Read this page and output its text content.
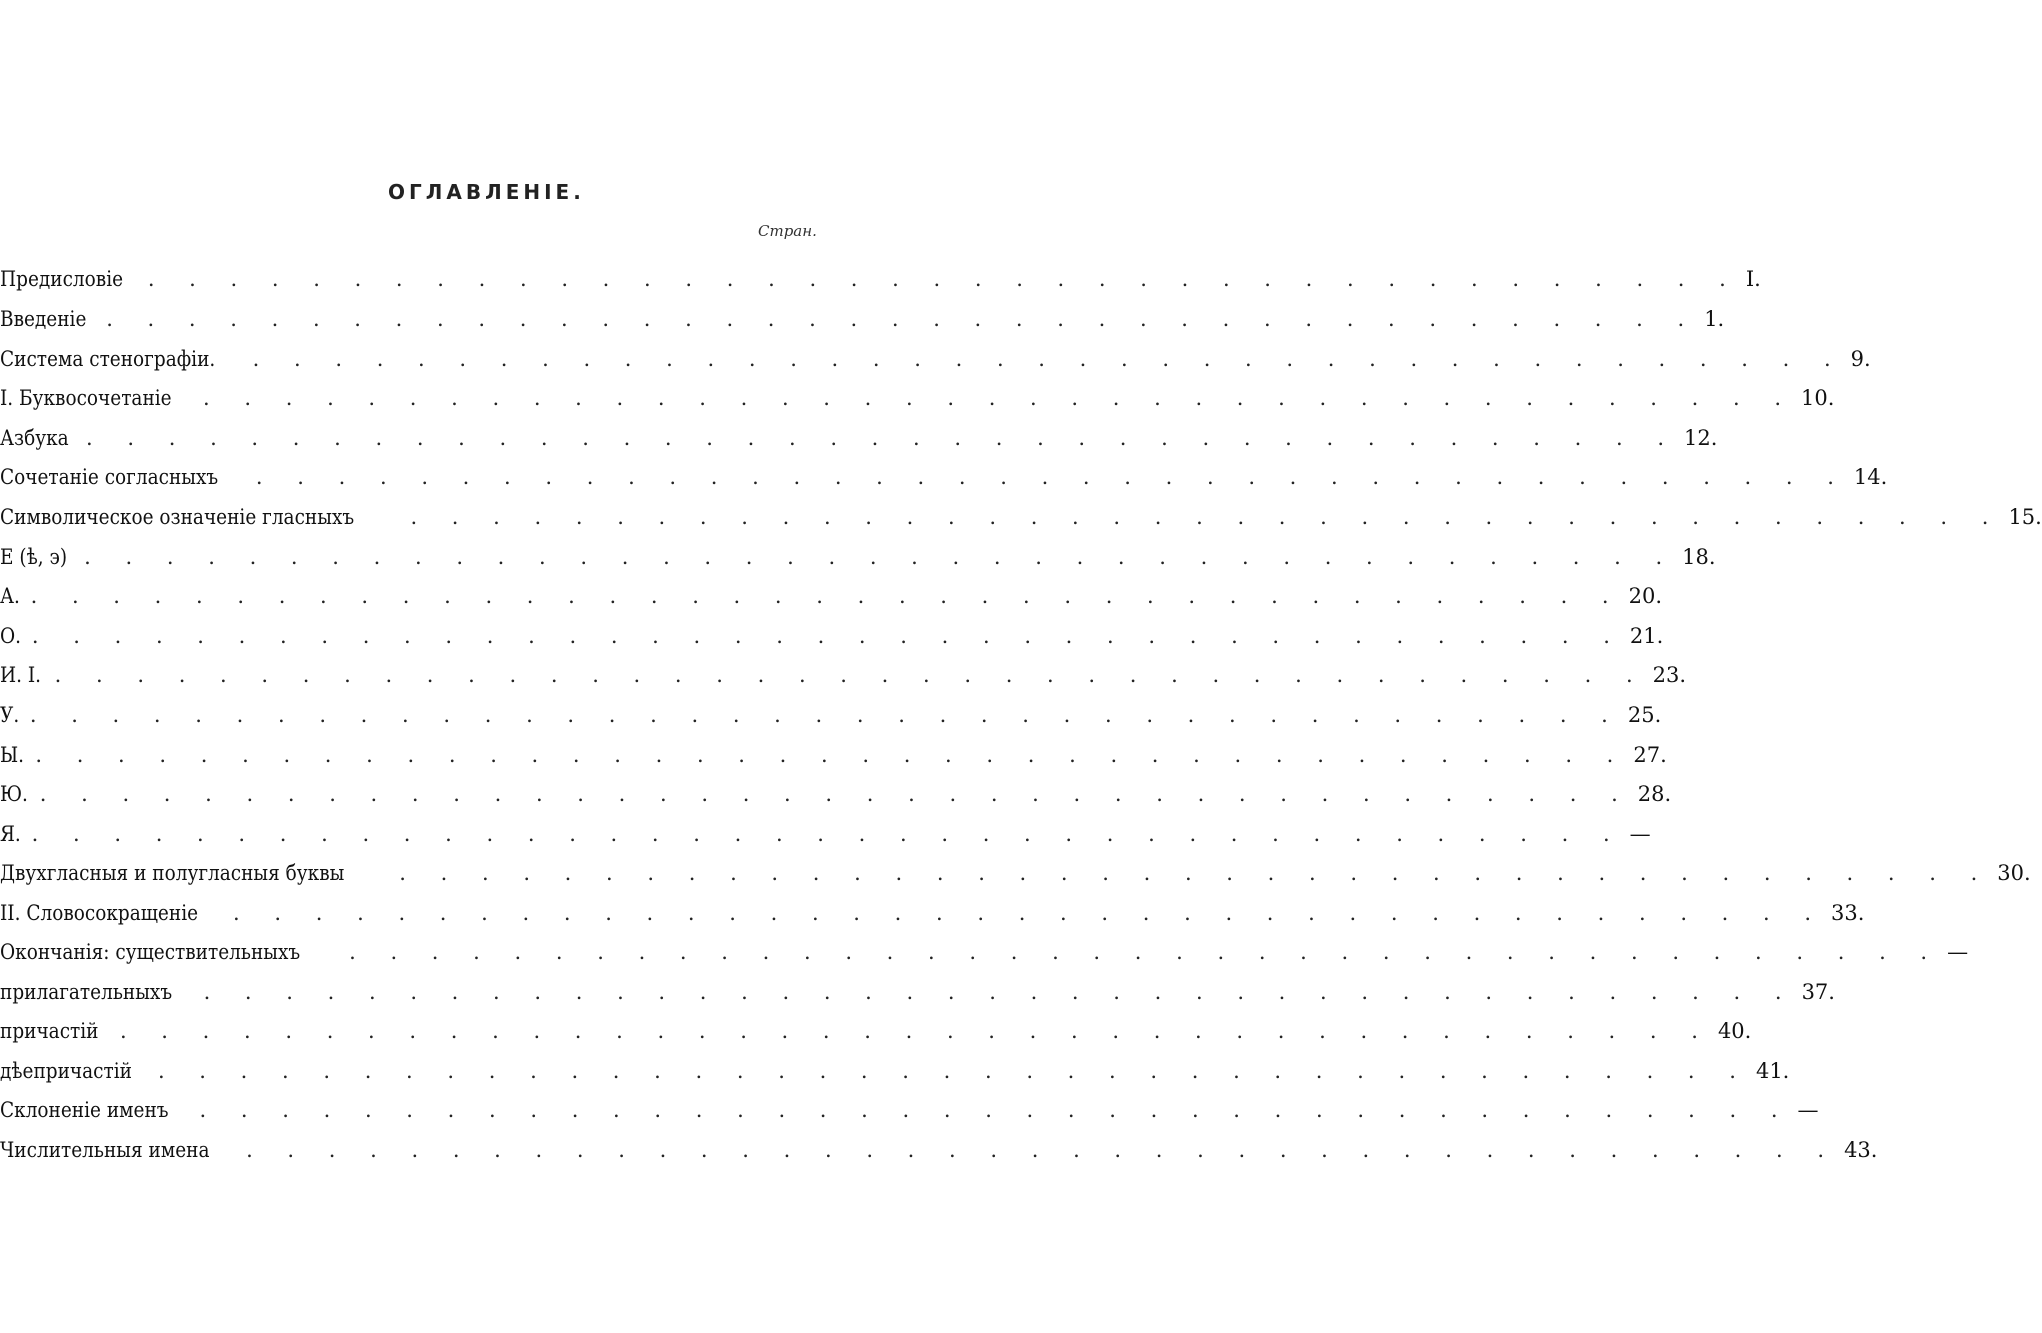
ОГЛАВЛЕНIЕ.
Стран.
Предисловіе . . . . . . . . . . . . . . . . . . . . . . . . . . . . . . . . . . . . . . . I.
Введеніе . . . . . . . . . . . . . . . . . . . . . . . . . . . . . . . . . . . . . . . 1.
Система стенографіи. . . . . . . . . . . . . . . . . . . . . . . . . . . . . . . . . . . . . . . . 9.
I. Буквосочетаніе . . . . . . . . . . . . . . . . . . . . . . . . . . . . . . . . . . . . . . . 10.
Азбука . . . . . . . . . . . . . . . . . . . . . . . . . . . . . . . . . . . . . . . 12.
Сочетаніе согласныхъ . . . . . . . . . . . . . . . . . . . . . . . . . . . . . . . . . . . . . . . 14.
Символическое означеніе гласныхъ	. . . . . . . . . . . . . . . . . . . . . . . . . . . . . . . . . . . . . . . 15.
Е (ѣ, э) . . . . . . . . . . . . . . . . . . . . . . . . . . . . . . . . . . . . . . . 18.
А. . . . . . . . . . . . . . . . . . . . . . . . . . . . . . . . . . . . . . . . 20.
О. . . . . . . . . . . . . . . . . . . . . . . . . . . . . . . . . . . . . . . . 21.
И. I. . . . . . . . . . . . . . . . . . . . . . . . . . . . . . . . . . . . . . . . 23.
У. . . . . . . . . . . . . . . . . . . . . . . . . . . . . . . . . . . . . . . . 25.
Ы. . . . . . . . . . . . . . . . . . . . . . . . . . . . . . . . . . . . . . . . 27.
Ю. . . . . . . . . . . . . . . . . . . . . . . . . . . . . . . . . . . . . . . . 28.
Я. . . . . . . . . . . . . . . . . . . . . . . . . . . . . . . . . . . . . . . . —
Двухгласныя и полугласныя буквы	. . . . . . . . . . . . . . . . . . . . . . . . . . . . . . . . . . . . . . . 30.
II. Словосокращеніе . . . . . . . . . . . . . . . . . . . . . . . . . . . . . . . . . . . . . . . 33.
Окончанія: существительныхъ . . . . . . . . . . . . . . . . . . . . . . . . . . . . . . . . . . . . . . . —
прилагательныхъ . . . . . . . . . . . . . . . . . . . . . . . . . . . . . . . . . . . . . . . 37.
причастій . . . . . . . . . . . . . . . . . . . . . . . . . . . . . . . . . . . . . . . 40.
дѣепричастій . . . . . . . . . . . . . . . . . . . . . . . . . . . . . . . . . . . . . . . 41.
Склоненіе именъ . . . . . . . . . . . . . . . . . . . . . . . . . . . . . . . . . . . . . . . —
Числительныя имена . . . . . . . . . . . . . . . . . . . . . . . . . . . . . . . . . . . . . . . 43.
